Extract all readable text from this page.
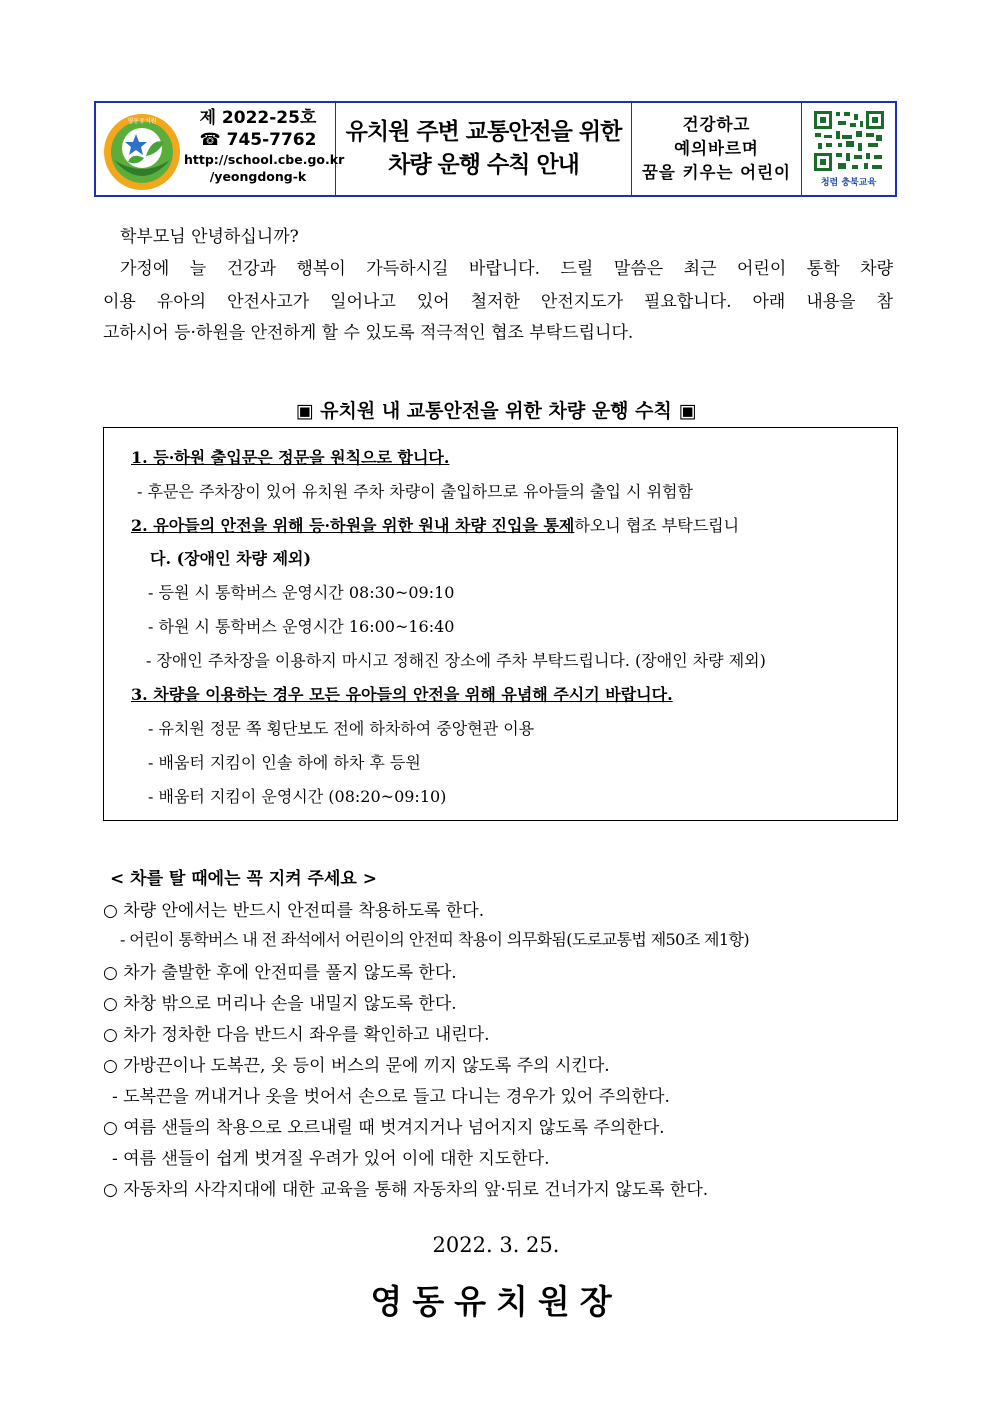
영동유치원	제 2022-25호
☎ 745-7762
http://school.cbe.go.kr
/yeongdong-k
유치원 주변 교통안전을 위한
차량 운행 수칙 안내
건강하고
예의바르며
꿈을 키우는 어린이
청렴 충북교육
학부모님 안녕하십니까?
가정에 늘 건강과 행복이 가득하시길 바랍니다. 드릴 말씀은 최근 어린이 통학 차량
이용 유아의 안전사고가 일어나고 있어 철저한 안전지도가 필요합니다. 아래 내용을 참
고하시어 등·하원을 안전하게 할 수 있도록 적극적인 협조 부탁드립니다.
▣ 유치원 내 교통안전을 위한 차량 운행 수칙 ▣
1. 등·하원 출입문은 정문을 원칙으로 합니다.
- 후문은 주차장이 있어 유치원 주차 차량이 출입하므로 유아들의 출입 시 위험함
2. 유아들의 안전을 위해 등·하원을 위한 원내 차량 진입을 통제하오니 협조 부탁드립니
다. (장애인 차량 제외)
- 등원 시 통학버스 운영시간 08:30~09:10
- 하원 시 통학버스 운영시간 16:00~16:40
- 장애인 주차장을 이용하지 마시고 정해진 장소에 주차 부탁드립니다. (장애인 차량 제외)
3. 차량을 이용하는 경우 모든 유아들의 안전을 위해 유념해 주시기 바랍니다.
- 유치원 정문 쪽 횡단보도 전에 하차하여 중앙현관 이용
- 배움터 지킴이 인솔 하에 하차 후 등원
- 배움터 지킴이 운영시간 (08:20~09:10)
< 차를 탈 때에는 꼭 지켜 주세요 >
○ 차량 안에서는 반드시 안전띠를 착용하도록 한다.
- 어린이 통학버스 내 전 좌석에서 어린이의 안전띠 착용이 의무화됨(도로교통법 제50조 제1항)
○ 차가 출발한 후에 안전띠를 풀지 않도록 한다.
○ 차창 밖으로 머리나 손을 내밀지 않도록 한다.
○ 차가 정차한 다음 반드시 좌우를 확인하고 내린다.
○ 가방끈이나 도복끈, 옷 등이 버스의 문에 끼지 않도록 주의 시킨다.
- 도복끈을 꺼내거나 옷을 벗어서 손으로 들고 다니는 경우가 있어 주의한다.
○ 여름 샌들의 착용으로 오르내릴 때 벗겨지거나 넘어지지 않도록 주의한다.
- 여름 샌들이 쉽게 벗겨질 우려가 있어 이에 대한 지도한다.
○ 자동차의 사각지대에 대한 교육을 통해 자동차의 앞·뒤로 건너가지 않도록 한다.
2022. 3. 25.
영동유치원장
